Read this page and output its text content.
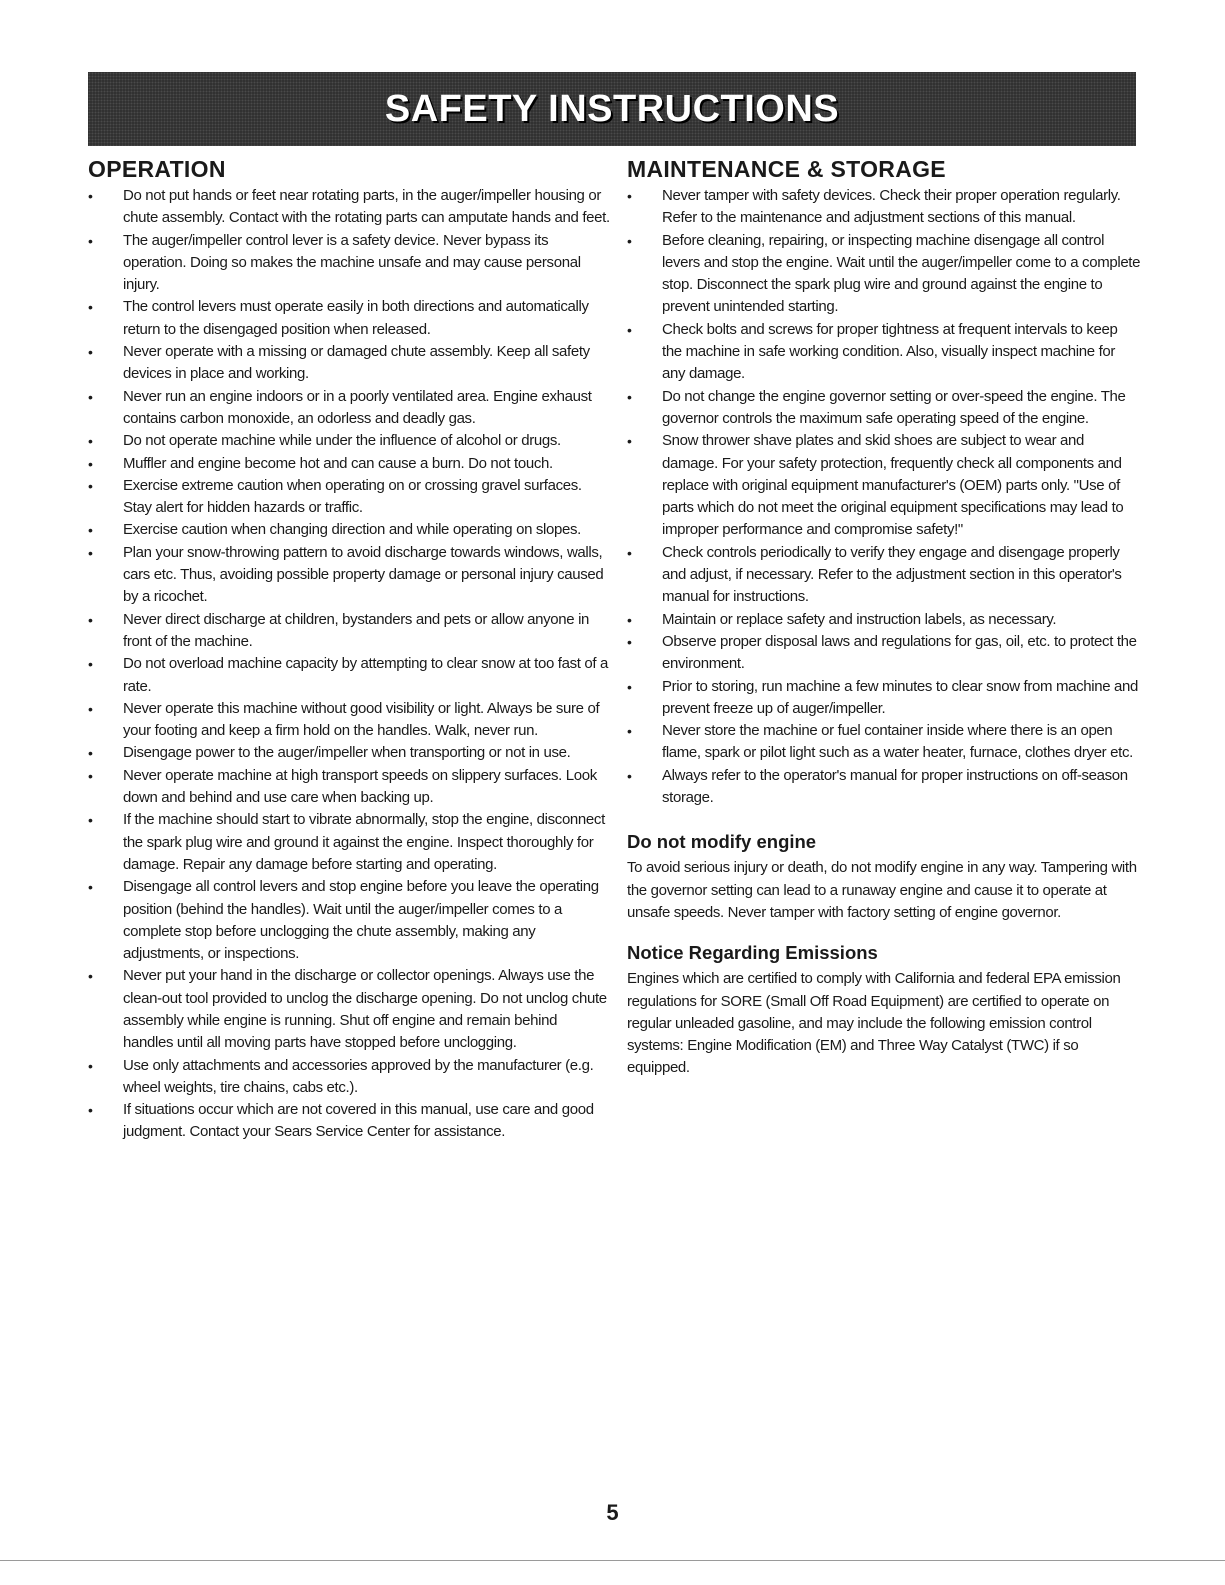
SAFETY INSTRUCTIONS
OPERATION
• Do not put hands or feet near rotating parts, in the auger/impeller housing or chute assembly. Contact with the rotating parts can amputate hands and feet.
• The auger/impeller control lever is a safety device. Never bypass its operation. Doing so makes the machine unsafe and may cause personal injury.
• The control levers must operate easily in both directions and automatically return to the disengaged position when released.
• Never operate with a missing or damaged chute assembly. Keep all safety devices in place and working.
• Never run an engine indoors or in a poorly ventilated area. Engine exhaust contains carbon monoxide, an odorless and deadly gas.
• Do not operate machine while under the influence of alcohol or drugs.
• Muffler and engine become hot and can cause a burn. Do not touch.
• Exercise extreme caution when operating on or crossing gravel surfaces. Stay alert for hidden hazards or traffic.
• Exercise caution when changing direction and while operating on slopes.
• Plan your snow-throwing pattern to avoid discharge towards windows, walls, cars etc. Thus, avoiding possible property damage or personal injury caused by a ricochet.
• Never direct discharge at children, bystanders and pets or allow anyone in front of the machine.
• Do not overload machine capacity by attempting to clear snow at too fast of a rate.
• Never operate this machine without good visibility or light. Always be sure of your footing and keep a firm hold on the handles. Walk, never run.
• Disengage power to the auger/impeller when transporting or not in use.
• Never operate machine at high transport speeds on slippery surfaces. Look down and behind and use care when backing up.
• If the machine should start to vibrate abnormally, stop the engine, disconnect the spark plug wire and ground it against the engine. Inspect thoroughly for damage. Repair any damage before starting and operating.
• Disengage all control levers and stop engine before you leave the operating position (behind the handles). Wait until the auger/impeller comes to a complete stop before unclogging the chute assembly, making any adjustments, or inspections.
• Never put your hand in the discharge or collector openings. Always use the clean-out tool provided to unclog the discharge opening. Do not unclog chute assembly while engine is running. Shut off engine and remain behind handles until all moving parts have stopped before unclogging.
• Use only attachments and accessories approved by the manufacturer (e.g. wheel weights, tire chains, cabs etc.).
• If situations occur which are not covered in this manual, use care and good judgment. Contact your Sears Service Center for assistance.
MAINTENANCE & STORAGE
• Never tamper with safety devices. Check their proper operation regularly. Refer to the maintenance and adjustment sections of this manual.
• Before cleaning, repairing, or inspecting machine disengage all control levers and stop the engine. Wait until the auger/impeller come to a complete stop. Disconnect the spark plug wire and ground against the engine to prevent unintended starting.
• Check bolts and screws for proper tightness at frequent intervals to keep the machine in safe working condition. Also, visually inspect machine for any damage.
• Do not change the engine governor setting or over-speed the engine. The governor controls the maximum safe operating speed of the engine.
• Snow thrower shave plates and skid shoes are subject to wear and damage. For your safety protection, frequently check all components and replace with original equipment manufacturer's (OEM) parts only. "Use of parts which do not meet the original equipment specifications may lead to improper performance and compromise safety!"
• Check controls periodically to verify they engage and disengage properly and adjust, if necessary. Refer to the adjustment section in this operator's manual for instructions.
• Maintain or replace safety and instruction labels, as necessary.
• Observe proper disposal laws and regulations for gas, oil, etc. to protect the environment.
• Prior to storing, run machine a few minutes to clear snow from machine and prevent freeze up of auger/impeller.
• Never store the machine or fuel container inside where there is an open flame, spark or pilot light such as a water heater, furnace, clothes dryer etc.
• Always refer to the operator's manual for proper instructions on off-season storage.
Do not modify engine

To avoid serious injury or death, do not modify engine in any way. Tampering with the governor setting can lead to a runaway engine and cause it to operate at unsafe speeds. Never tamper with factory setting of engine governor.

Notice Regarding Emissions

Engines which are certified to comply with California and federal EPA emission regulations for SORE (Small Off Road Equipment) are certified to operate on regular unleaded gasoline, and may include the following emission control systems: Engine Modification (EM) and Three Way Catalyst (TWC) if so equipped.

5
